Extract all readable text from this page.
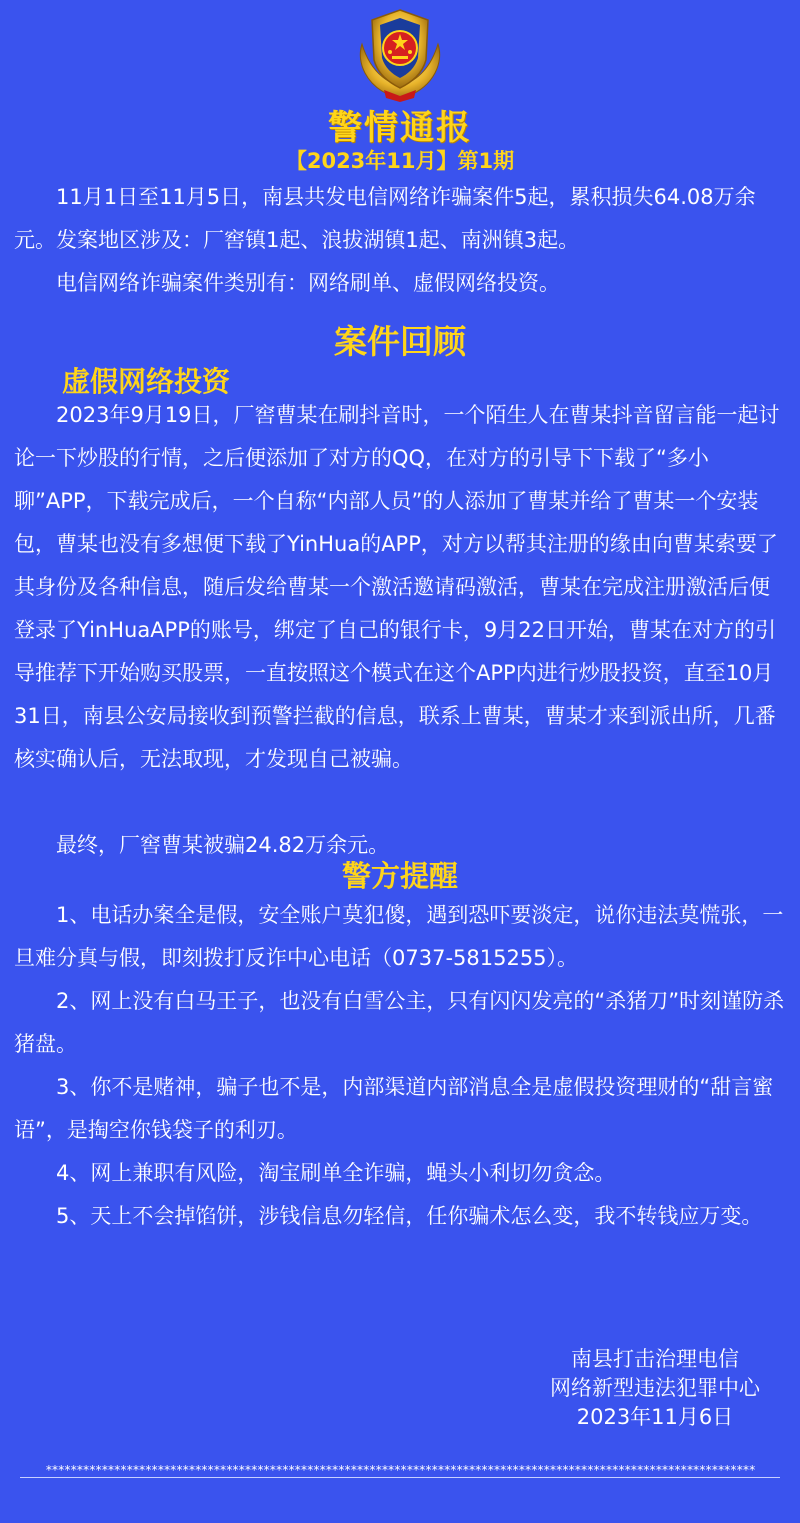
警情通报
【2023年11月】第1期

11月1日至11月5日，南县共发电信网络诈骗案件5起，累积损失64.08万余元。发案地区涉及：厂窖镇1起、浪拔湖镇1起、南洲镇3起。

电信网络诈骗案件类别有：网络刷单、虚假网络投资。

案件回顾
虚假网络投资

2023年9月19日，厂窖曹某在刷抖音时，一个陌生人在曹某抖音留言能一起讨论一下炒股的行情，之后便添加了对方的QQ，在对方的引导下下载了“多小聊”APP，下载完成后，一个自称“内部人员”的人添加了曹某并给了曹某一个安装包，曹某也没有多想便下载了YinHua的APP，对方以帮其注册的缘由向曹某索要了其身份及各种信息，随后发给曹某一个激活邀请码激活，曹某在完成注册激活后便登录了YinHuaAPP的账号，绑定了自己的银行卡，9月22日开始，曹某在对方的引导推荐下开始购买股票，一直按照这个模式在这个APP内进行炒股投资，直至10月31日，南县公安局接收到预警拦截的信息，联系上曹某，曹某才来到派出所，几番核实确认后，无法取现，才发现自己被骗。

最终，厂窖曹某被骗24.82万余元。

警方提醒

1、电话办案全是假，安全账户莫犯傻，遇到恐吓要淡定，说你违法莫慌张，一旦难分真与假，即刻拨打反诈中心电话（0737-5815255）。

2、网上没有白马王子，也没有白雪公主，只有闪闪发亮的“杀猪刀”时刻谨防杀猪盘。

3、你不是赌神，骗子也不是，内部渠道内部消息全是虚假投资理财的“甜言蜜语”，是掏空你钱袋子的利刃。

4、网上兼职有风险，淘宝刷单全诈骗，蝇头小利切勿贪念。

5、天上不会掉馅饼，涉钱信息勿轻信，任你骗术怎么变，我不转钱应万变。

南县打击治理电信
网络新型违法犯罪中心
2023年11月6日
******************************************************************************************************************
